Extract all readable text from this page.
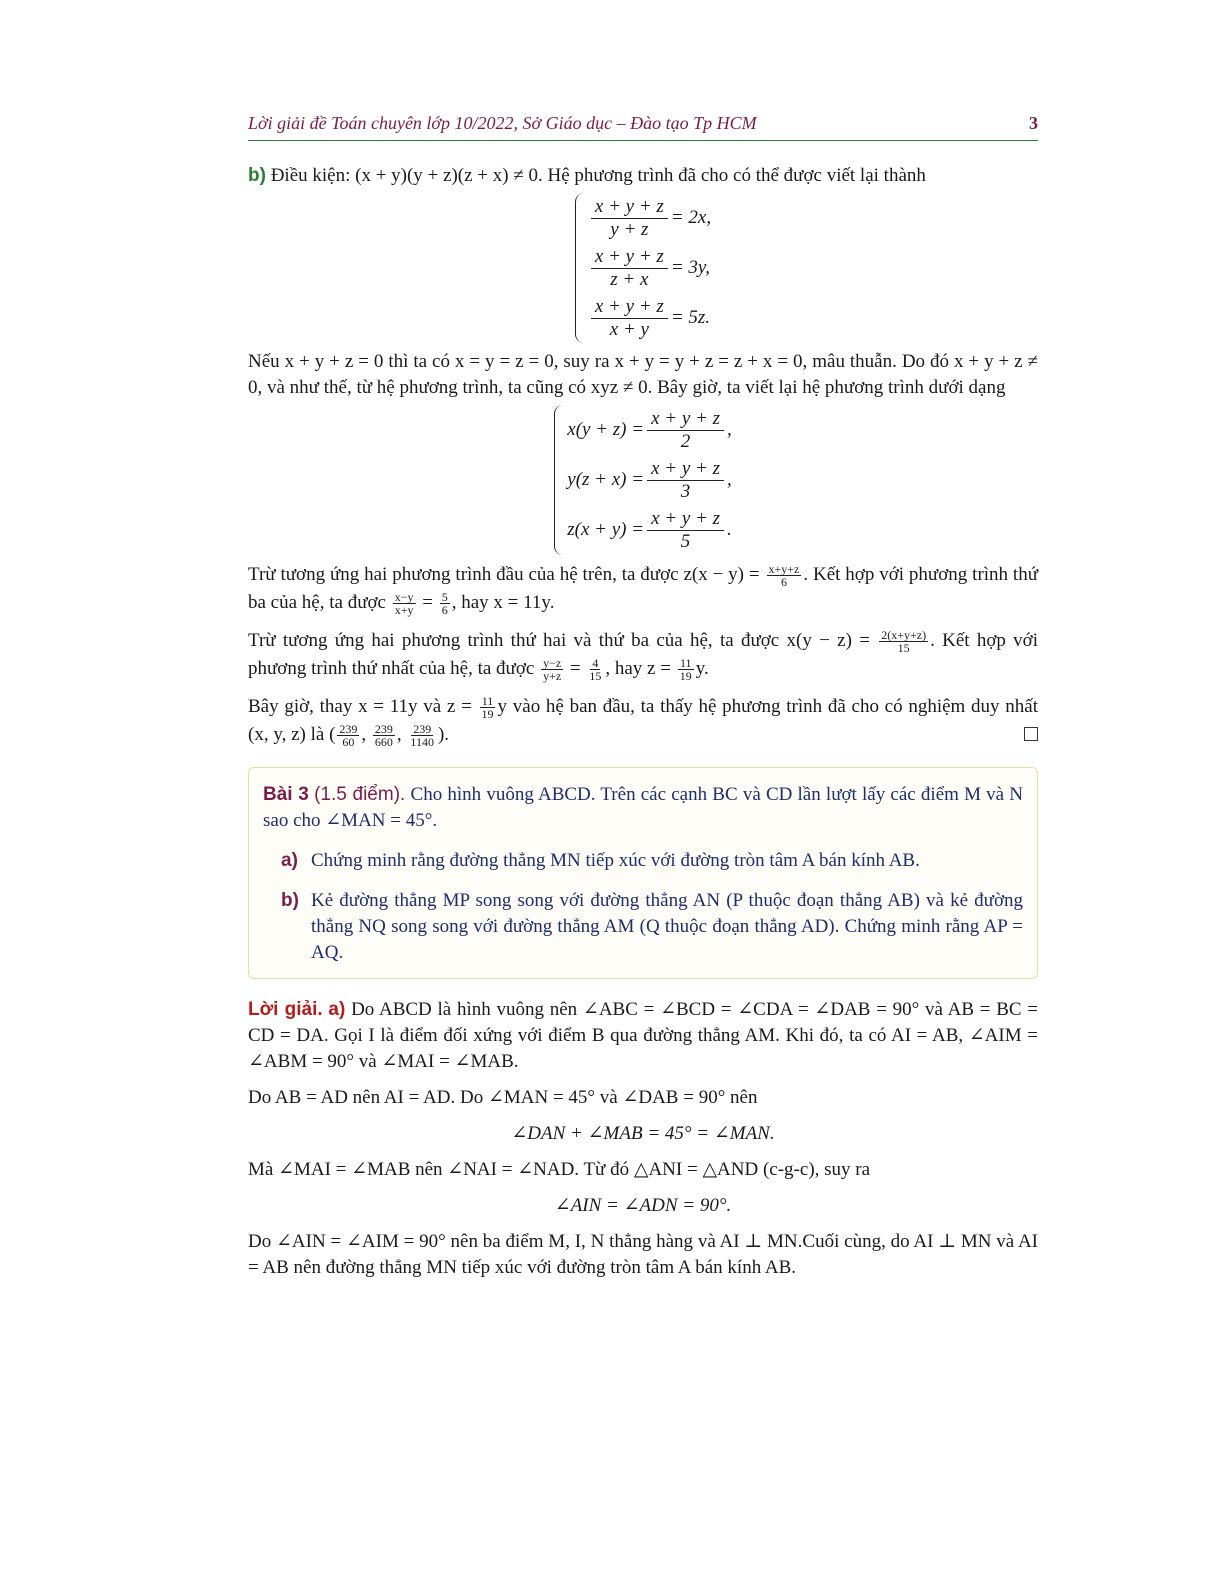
Lời giải đề Toán chuyên lớp 10/2022, Sở Giáo dục – Đào tạo Tp HCM	3

b) Điều kiện: (x + y)(y + z)(z + x) ≠ 0. Hệ phương trình đã cho có thể được viết lại thành

$\frac{x + y + z}{y + z} = 2x$,
$\frac{x + y + z}{z + x} = 3y$,
$\frac{x + y + z}{x + y} = 5z$.

Nếu x + y + z = 0 thì ta có x = y = z = 0, suy ra x + y = y + z = z + x = 0, mâu thuẫn. Do đó x + y + z ≠ 0, và như thế, từ hệ phương trình, ta cũng có xyz ≠ 0. Bây giờ, ta viết lại hệ phương trình dưới dạng

$x(y + z) = \frac{x + y + z}{2}$ ,
$y(z + x) = \frac{x + y + z}{3}$ ,
$z(x + y) = \frac{x + y + z}{5}$ .

Trừ tương ứng hai phương trình đầu của hệ trên, ta được $z(x - y) = \frac{x+y+z}{6}$ . Kết hợp với phương trình thứ ba của hệ, ta được $\frac{x-y}{x+y} = \frac{5}{6}$ , hay x = 11y.

Trừ tương ứng hai phương trình thứ hai và thứ ba của hệ, ta được $x(y - z) = \frac{2(x+y+z)}{15}$ . Kết hợp với phương trình thứ nhất của hệ, ta được $\frac{y-z}{y+z} = \frac{4}{15}$ , hay $z = \frac{11}{19} y$.

Bây giờ, thay x = 11y và $z = \frac{11}{19}$ y vào hệ ban đầu, ta thấy hệ phương trình đã cho có nghiệm duy nhất (x, y, z) là ( $\frac{239}{60}$ , $\frac{239}{660}$ , $\frac{239}{1140}$ ).

Bài 3 (1.5 điểm). Cho hình vuông ABCD. Trên các cạnh BC và CD lần lượt lấy các điểm M và N sao cho ∠MAN = 45°.

a) Chứng minh rằng đường thẳng MN tiếp xúc với đường tròn tâm A bán kính AB.

b) Kẻ đường thẳng MP song song với đường thẳng AN (P thuộc đoạn thẳng AB) và kẻ đường thẳng NQ song song với đường thẳng AM (Q thuộc đoạn thẳng AD). Chứng minh rằng AP = AQ.

Lời giải. a) Do ABCD là hình vuông nên ∠ABC = ∠BCD = ∠CDA = ∠DAB = 90° và AB = BC = CD = DA. Gọi I là điểm đối xứng với điểm B qua đường thẳng AM. Khi đó, ta có AI = AB, ∠AIM = ∠ABM = 90° và ∠MAI = ∠MAB.

Do AB = AD nên AI = AD. Do ∠MAN = 45° và ∠DAB = 90° nên

∠DAN + ∠MAB = 45° = ∠MAN.

Mà ∠MAI = ∠MAB nên ∠NAI = ∠NAD. Từ đó △ANI = △AND (c-g-c), suy ra

∠AIN = ∠ADN = 90°.

Do ∠AIN = ∠AIM = 90° nên ba điểm M, I, N thẳng hàng và AI ⊥ MN.Cuối cùng, do AI ⊥ MN và AI = AB nên đường thẳng MN tiếp xúc với đường tròn tâm A bán kính AB.
